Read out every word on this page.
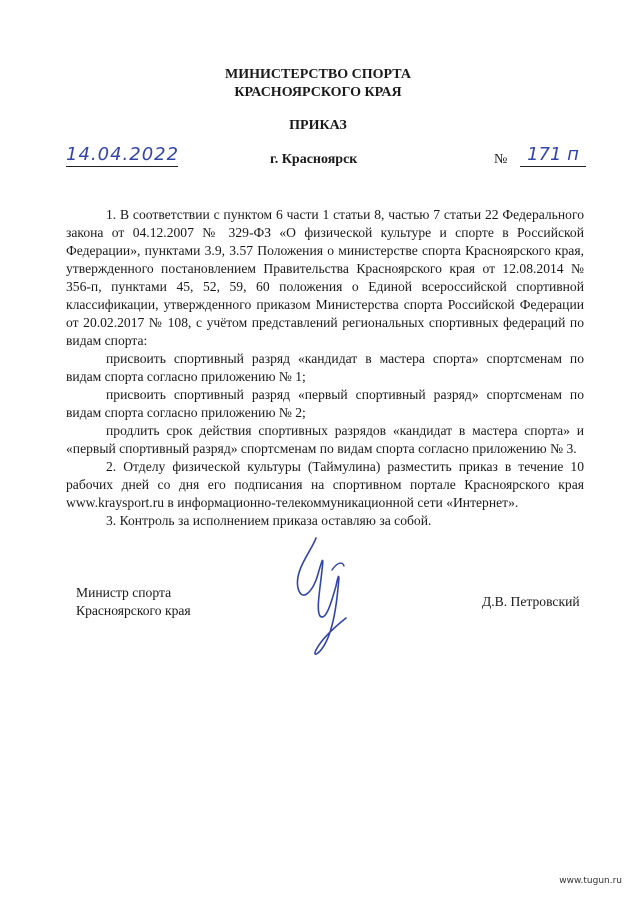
МИНИСТЕРСТВО СПОРТА
КРАСНОЯРСКОГО КРАЯ
ПРИКАЗ
14.04.2022	г. Красноярск	№	171 п

1. В соответствии с пунктом 6 части 1 статьи 8, частью 7 статьи 22 Федерального закона от 04.12.2007 № 329-ФЗ «О физической культуре и спорте в Российской Федерации», пунктами 3.9, 3.57 Положения о министерстве спорта Красноярского края, утвержденного постановлением Правительства Красноярского края от 12.08.2014 № 356-п, пунктами 45, 52, 59, 60 положения о Единой всероссийской спортивной классификации, утвержденного приказом Министерства спорта Российской Федерации от 20.02.2017 № 108, с учётом представлений региональных спортивных федераций по видам спорта:

присвоить спортивный разряд «кандидат в мастера спорта» спортсменам по видам спорта согласно приложению № 1;

присвоить спортивный разряд «первый спортивный разряд» спортсменам по видам спорта согласно приложению № 2;

продлить срок действия спортивных разрядов «кандидат в мастера спорта» и «первый спортивный разряд» спортсменам по видам спорта согласно приложению № 3.

2. Отделу физической культуры (Таймулина) разместить приказ в течение 10 рабочих дней со дня его подписания на спортивном портале Красноярского края www.kraysport.ru в информационно-телекоммуникационной сети «Интернет».

3. Контроль за исполнением приказа оставляю за собой.

Министр спорта
Красноярского края
Д.В. Петровский
www.tugun.ru
